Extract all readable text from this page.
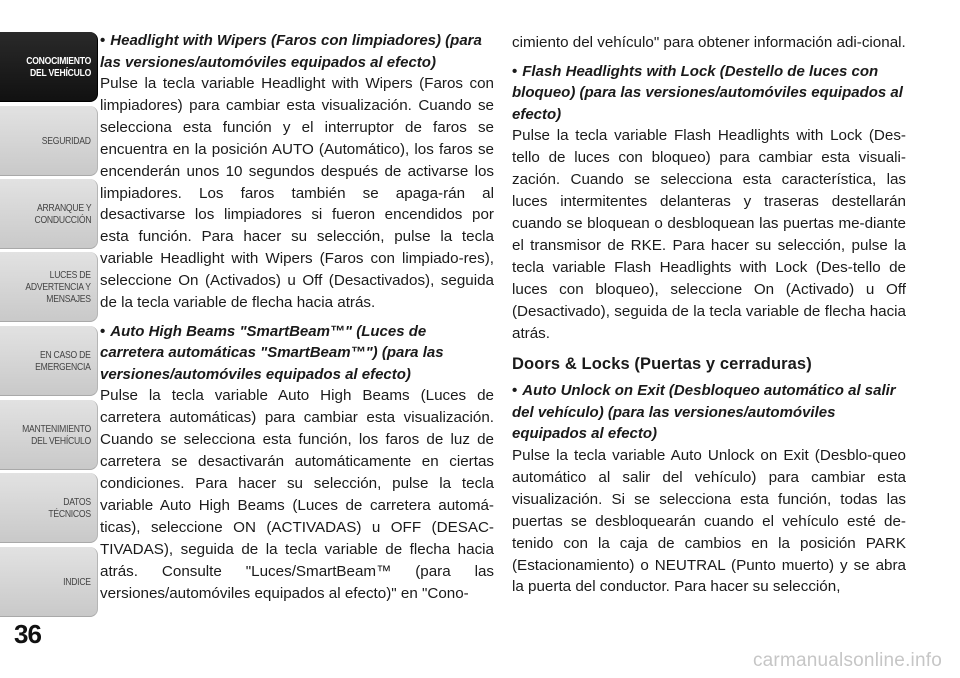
CONOCIMIENTO
DEL VEHÍCULO
SEGURIDAD
ARRANQUE Y
CONDUCCIÓN
LUCES DE
ADVERTENCIA Y
MENSAJES
EN CASO DE
EMERGENCIA
MANTENIMIENTO
DEL VEHÍCULO
DATOS
TÉCNICOS
INDICE
36
• Headlight with Wipers (Faros con limpiadores) (para las versiones/automóviles equipados al efecto)

Pulse la tecla variable Headlight with Wipers (Faros con limpiadores) para cambiar esta visualización. Cuando se selecciona esta función y el interruptor de faros se encuentra en la posición AUTO (Automático), los faros se encenderán unos 10 segundos después de activarse los limpiadores. Los faros también se apaga-rán al desactivarse los limpiadores si fueron encendidos por esta función. Para hacer su selección, pulse la tecla variable Headlight with Wipers (Faros con limpiado-res), seleccione On (Activados) u Off (Desactivados), seguida de la tecla variable de flecha hacia atrás.

• Auto High Beams "SmartBeam™" (Luces de carretera automáticas "SmartBeam™") (para las versiones/automóviles equipados al efecto)

Pulse la tecla variable Auto High Beams (Luces de carretera automáticas) para cambiar esta visualización. Cuando se selecciona esta función, los faros de luz de carretera se desactivarán automáticamente en ciertas condiciones. Para hacer su selección, pulse la tecla variable Auto High Beams (Luces de carretera automá-ticas), seleccione ON (ACTIVADAS) u OFF (DESAC-TIVADAS), seguida de la tecla variable de flecha hacia atrás. Consulte "Luces/SmartBeam™ (para las versiones/automóviles equipados al efecto)" en "Cono-

cimiento del vehículo" para obtener información adi-cional.

• Flash Headlights with Lock (Destello de luces con bloqueo) (para las versiones/automóviles equipados al efecto)

Pulse la tecla variable Flash Headlights with Lock (Des-tello de luces con bloqueo) para cambiar esta visuali-zación. Cuando se selecciona esta característica, las luces intermitentes delanteras y traseras destellarán cuando se bloquean o desbloquean las puertas me-diante el transmisor de RKE. Para hacer su selección, pulse la tecla variable Flash Headlights with Lock (Des-tello de luces con bloqueo), seleccione On (Activado) u Off (Desactivado), seguida de la tecla variable de flecha hacia atrás.

Doors & Locks (Puertas y cerraduras)
• Auto Unlock on Exit (Desbloqueo automático al salir del vehículo) (para las versiones/automóviles equipados al efecto)

Pulse la tecla variable Auto Unlock on Exit (Desblo-queo automático al salir del vehículo) para cambiar esta visualización. Si se selecciona esta función, todas las puertas se desbloquearán cuando el vehículo esté de-tenido con la caja de cambios en la posición PARK (Estacionamiento) o NEUTRAL (Punto muerto) y se abra la puerta del conductor. Para hacer su selección,

carmanualsonline.info
